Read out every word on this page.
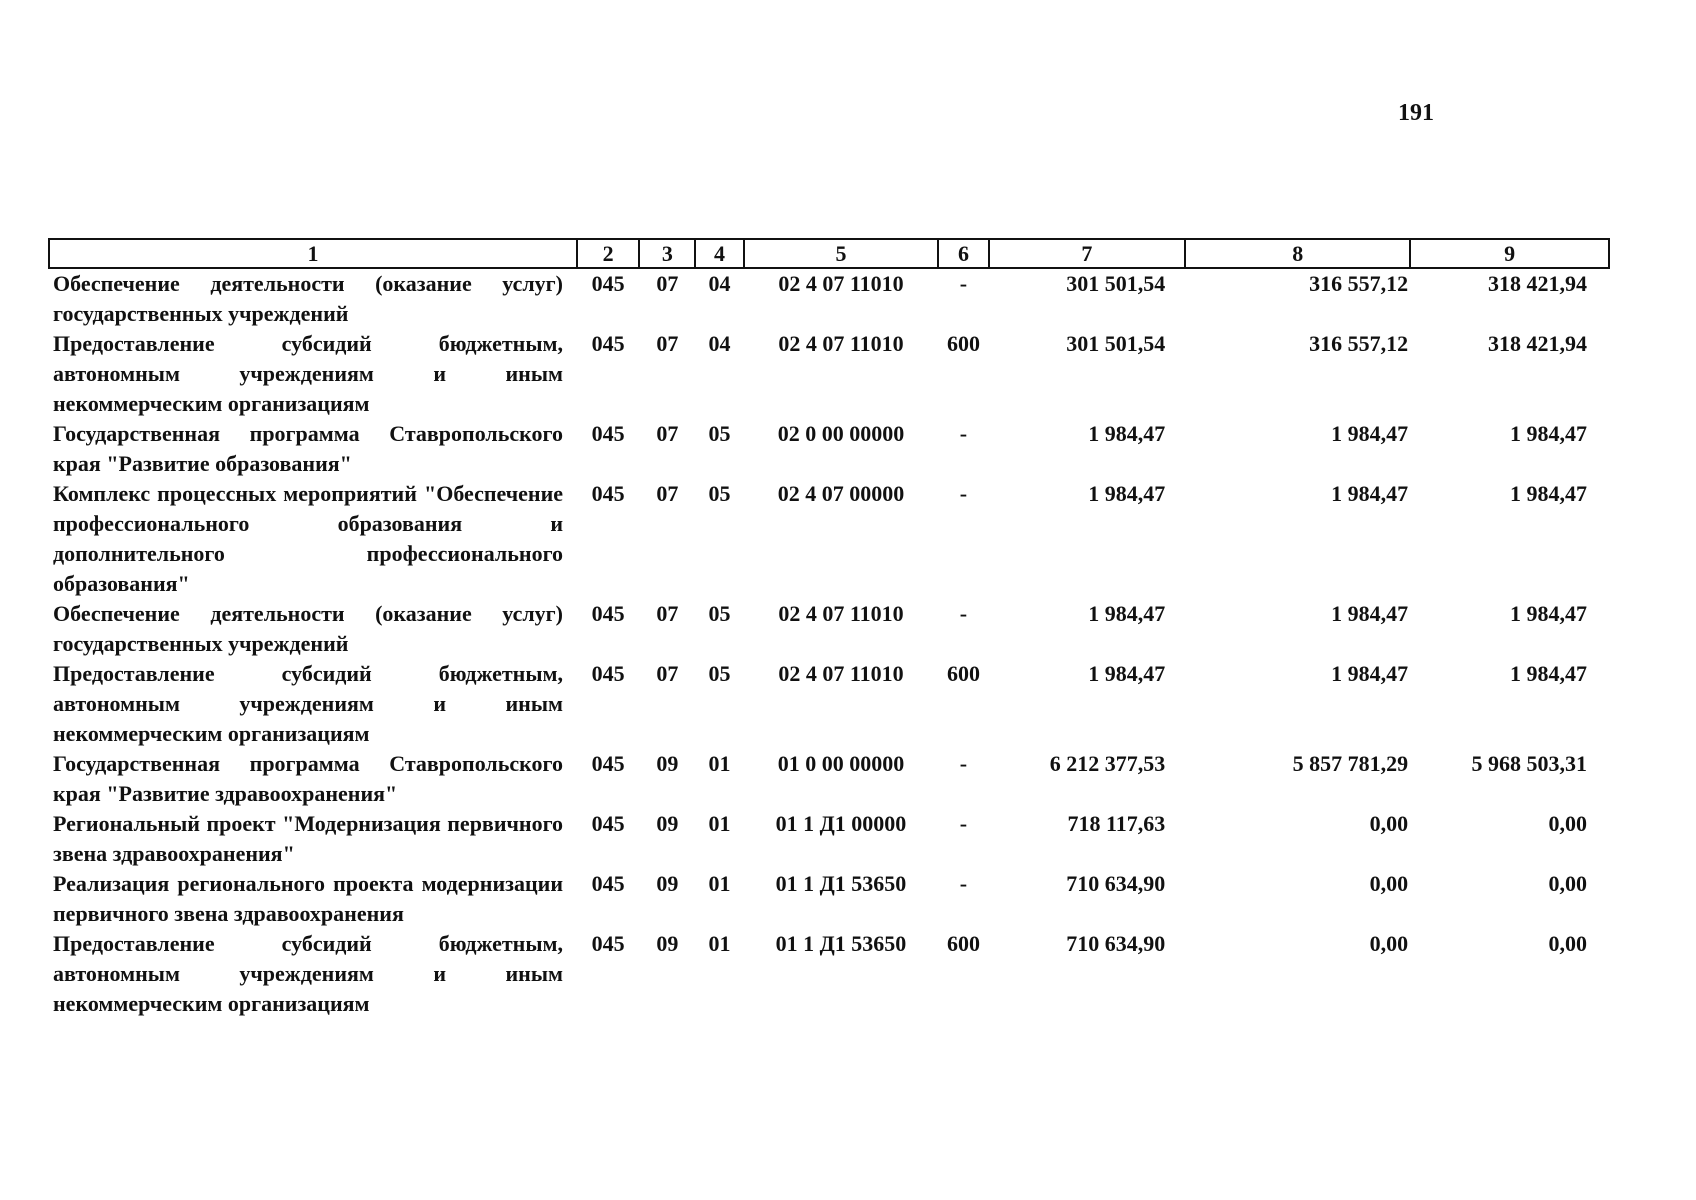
191
1	2	3	4	5	6	7	8	9
Обеспечение деятельности (оказание услуг) государственных учреждений	045	07	04	02 4 07 11010	-	301 501,54	316 557,12	318 421,94
Предоставление субсидий бюджетным, автономным учреждениям и иным некоммерческим организациям	045	07	04	02 4 07 11010	600	301 501,54	316 557,12	318 421,94
Государственная программа Ставропольского края "Развитие образования"	045	07	05	02 0 00 00000	-	1 984,47	1 984,47	1 984,47
Комплекс процессных мероприятий "Обеспечение профессионального образования и дополнительного профессионального образования"	045	07	05	02 4 07 00000	-	1 984,47	1 984,47	1 984,47
Обеспечение деятельности (оказание услуг) государственных учреждений	045	07	05	02 4 07 11010	-	1 984,47	1 984,47	1 984,47
Предоставление субсидий бюджетным, автономным учреждениям и иным некоммерческим организациям	045	07	05	02 4 07 11010	600	1 984,47	1 984,47	1 984,47
Государственная программа Ставропольского края "Развитие здравоохранения"	045	09	01	01 0 00 00000	-	6 212 377,53	5 857 781,29	5 968 503,31
Региональный проект "Модернизация первичного звена здравоохранения"	045	09	01	01 1 Д1 00000	-	718 117,63	0,00	0,00
Реализация регионального проекта модернизации первичного звена здравоохранения	045	09	01	01 1 Д1 53650	-	710 634,90	0,00	0,00
Предоставление субсидий бюджетным, автономным учреждениям и иным некоммерческим организациям	045	09	01	01 1 Д1 53650	600	710 634,90	0,00	0,00
